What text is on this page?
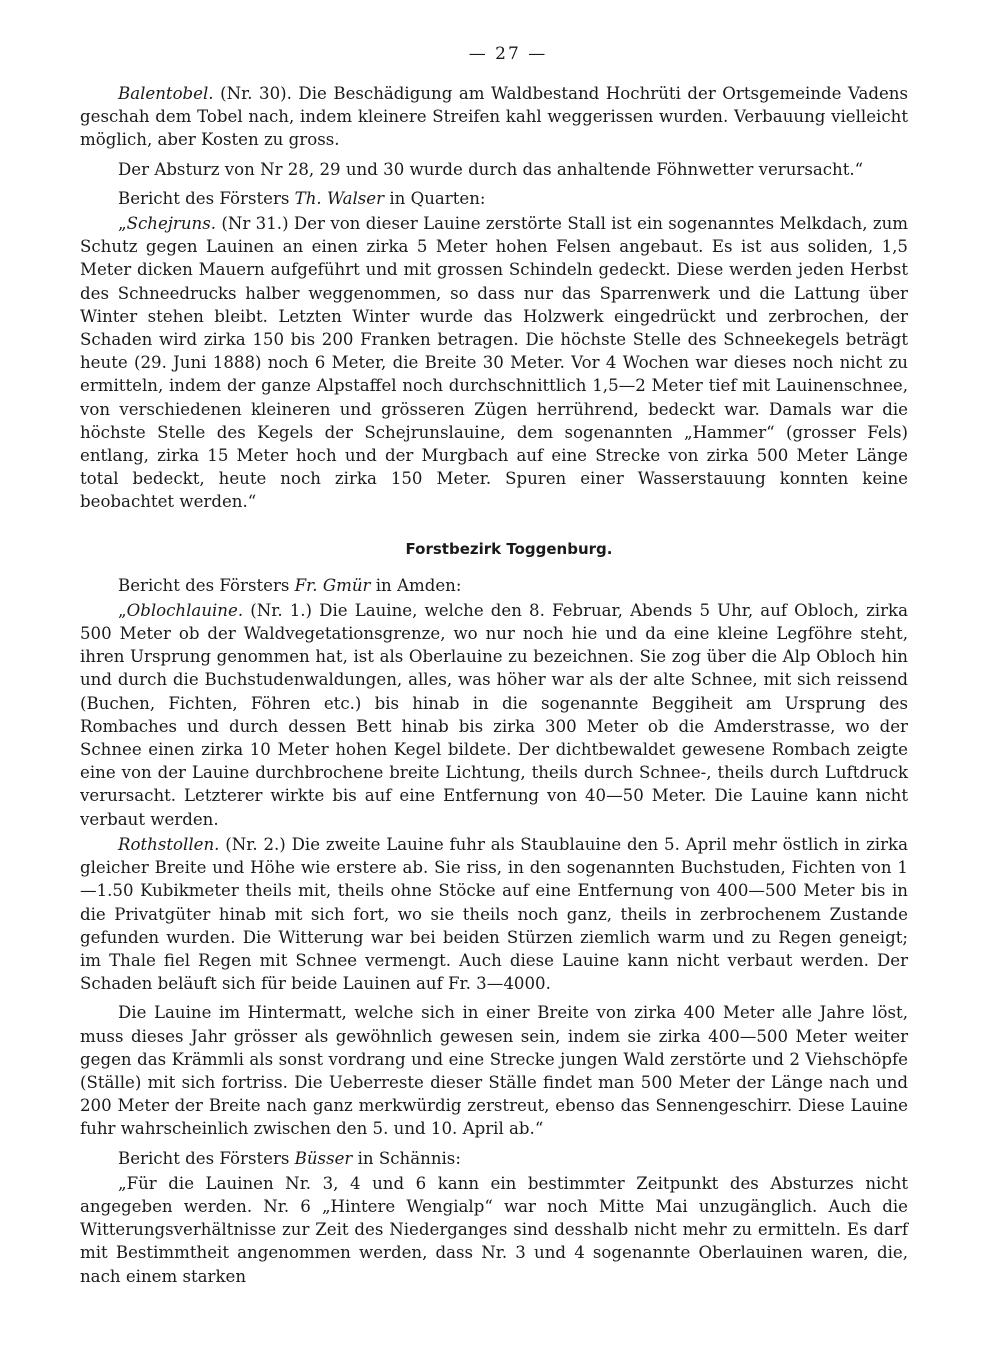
— 27 —

Balentobel. (Nr. 30). Die Beschädigung am Waldbestand Hochrüti der Ortsgemeinde Vadens geschah dem Tobel nach, indem kleinere Streifen kahl weggerissen wurden. Verbauung vielleicht möglich, aber Kosten zu gross.

Der Absturz von Nr 28, 29 und 30 wurde durch das anhaltende Föhnwetter verursacht.“

Bericht des Försters Th. Walser in Quarten:

„Schejruns. (Nr 31.) Der von dieser Lauine zerstörte Stall ist ein sogenanntes Melkdach, zum Schutz gegen Lauinen an einen zirka 5 Meter hohen Felsen angebaut. Es ist aus soliden, 1,5 Meter dicken Mauern aufgeführt und mit grossen Schindeln gedeckt. Diese werden jeden Herbst des Schneedrucks halber weggenommen, so dass nur das Sparrenwerk und die Lattung über Winter stehen bleibt. Letzten Winter wurde das Holzwerk eingedrückt und zerbrochen, der Schaden wird zirka 150 bis 200 Franken betragen. Die höchste Stelle des Schneekegels beträgt heute (29. Juni 1888) noch 6 Meter, die Breite 30 Meter. Vor 4 Wochen war dieses noch nicht zu ermitteln, indem der ganze Alpstaffel noch durchschnittlich 1,5—2 Meter tief mit Lauinenschnee, von verschiedenen kleineren und grösseren Zügen herrührend, bedeckt war. Damals war die höchste Stelle des Kegels der Schejrunslauine, dem sogenannten „Hammer“ (grosser Fels) entlang, zirka 15 Meter hoch und der Murgbach auf eine Strecke von zirka 500 Meter Länge total bedeckt, heute noch zirka 150 Meter. Spuren einer Wasserstauung konnten keine beobachtet werden.“

Forstbezirk Toggenburg.

Bericht des Försters Fr. Gmür in Amden:

„Oblochlauine. (Nr. 1.) Die Lauine, welche den 8. Februar, Abends 5 Uhr, auf Obloch, zirka 500 Meter ob der Waldvegetationsgrenze, wo nur noch hie und da eine kleine Legföhre steht, ihren Ursprung genommen hat, ist als Oberlauine zu bezeichnen. Sie zog über die Alp Obloch hin und durch die Buchstudenwaldungen, alles, was höher war als der alte Schnee, mit sich reissend (Buchen, Fichten, Föhren etc.) bis hinab in die sogenannte Beggiheit am Ursprung des Rombaches und durch dessen Bett hinab bis zirka 300 Meter ob die Amderstrasse, wo der Schnee einen zirka 10 Meter hohen Kegel bildete. Der dichtbewaldet gewesene Rombach zeigte eine von der Lauine durchbrochene breite Lichtung, theils durch Schnee-, theils durch Luftdruck verursacht. Letzterer wirkte bis auf eine Entfernung von 40—50 Meter. Die Lauine kann nicht verbaut werden.

Rothstollen. (Nr. 2.) Die zweite Lauine fuhr als Staublauine den 5. April mehr östlich in zirka gleicher Breite und Höhe wie erstere ab. Sie riss, in den sogenannten Buchstuden, Fichten von 1—1.50 Kubikmeter theils mit, theils ohne Stöcke auf eine Entfernung von 400—500 Meter bis in die Privatgüter hinab mit sich fort, wo sie theils noch ganz, theils in zerbrochenem Zustande gefunden wurden. Die Witterung war bei beiden Stürzen ziemlich warm und zu Regen geneigt; im Thale fiel Regen mit Schnee vermengt. Auch diese Lauine kann nicht verbaut werden. Der Schaden beläuft sich für beide Lauinen auf Fr. 3—4000.

Die Lauine im Hintermatt, welche sich in einer Breite von zirka 400 Meter alle Jahre löst, muss dieses Jahr grösser als gewöhnlich gewesen sein, indem sie zirka 400—500 Meter weiter gegen das Krämmli als sonst vordrang und eine Strecke jungen Wald zerstörte und 2 Viehschöpfe (Ställe) mit sich fortriss. Die Ueberreste dieser Ställe findet man 500 Meter der Länge nach und 200 Meter der Breite nach ganz merkwürdig zerstreut, ebenso das Sennengeschirr. Diese Lauine fuhr wahrscheinlich zwischen den 5. und 10. April ab.“

Bericht des Försters Büsser in Schännis:

„Für die Lauinen Nr. 3, 4 und 6 kann ein bestimmter Zeitpunkt des Absturzes nicht angegeben werden. Nr. 6 „Hintere Wengialp“ war noch Mitte Mai unzugänglich. Auch die Witterungsverhältnisse zur Zeit des Niederganges sind desshalb nicht mehr zu ermitteln. Es darf mit Bestimmtheit angenommen werden, dass Nr. 3 und 4 sogenannte Oberlauinen waren, die, nach einem starken
